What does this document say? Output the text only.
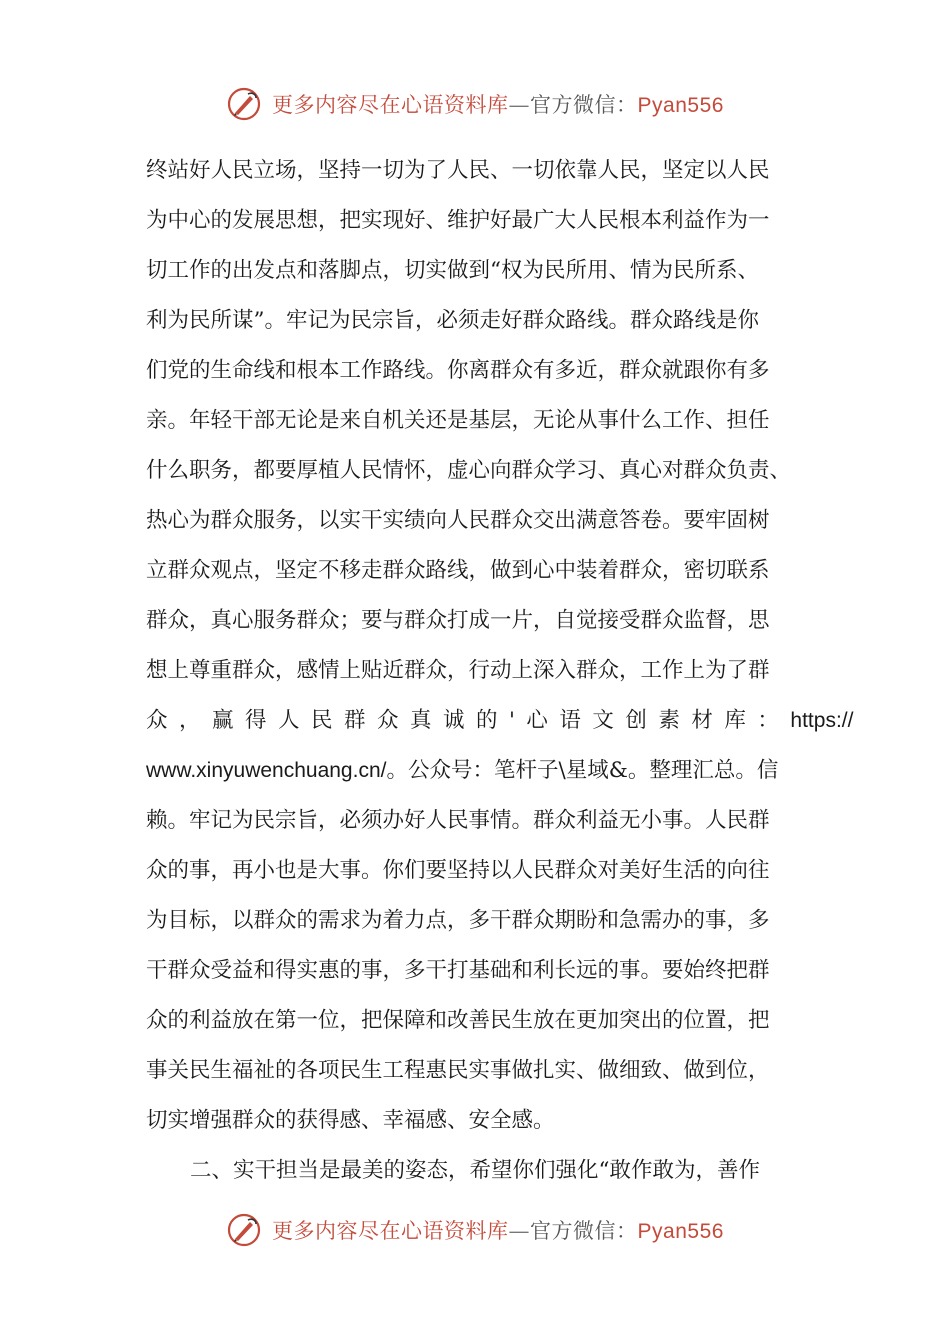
更多内容尽在心语资料库—官方微信：Pyan556
终站好人民立场，坚持一切为了人民、一切依靠人民，坚定以人民
为中心的发展思想，把实现好、维护好最广大人民根本利益作为一
切工作的出发点和落脚点，切实做到“权为民所用、情为民所系、
利为民所谋”。牢记为民宗旨，必须走好群众路线。群众路线是你
们党的生命线和根本工作路线。你离群众有多近，群众就跟你有多
亲。年轻干部无论是来自机关还是基层，无论从事什么工作、担任
什么职务，都要厚植人民情怀，虚心向群众学习、真心对群众负责、
热心为群众服务，以实干实绩向人民群众交出满意答卷。要牢固树
立群众观点，坚定不移走群众路线，做到心中装着群众，密切联系
群众，真心服务群众；要与群众打成一片，自觉接受群众监督，思
想上尊重群众，感情上贴近群众，行动上深入群众，工作上为了群
众，赢得人民群众真诚的'心语文创素材库： https://
www.xinyuwenchuang.cn/。公众号：笔杆子\星域&。整理汇总。信
赖。牢记为民宗旨，必须办好人民事情。群众利益无小事。人民群
众的事，再小也是大事。你们要坚持以人民群众对美好生活的向往
为目标，以群众的需求为着力点，多干群众期盼和急需办的事，多
干群众受益和得实惠的事，多干打基础和利长远的事。要始终把群
众的利益放在第一位，把保障和改善民生放在更加突出的位置，把
事关民生福祉的各项民生工程惠民实事做扎实、做细致、做到位，
切实增强群众的获得感、幸福感、安全感。
二、实干担当是最美的姿态，希望你们强化“敢作敢为，善作
更多内容尽在心语资料库—官方微信：Pyan556
